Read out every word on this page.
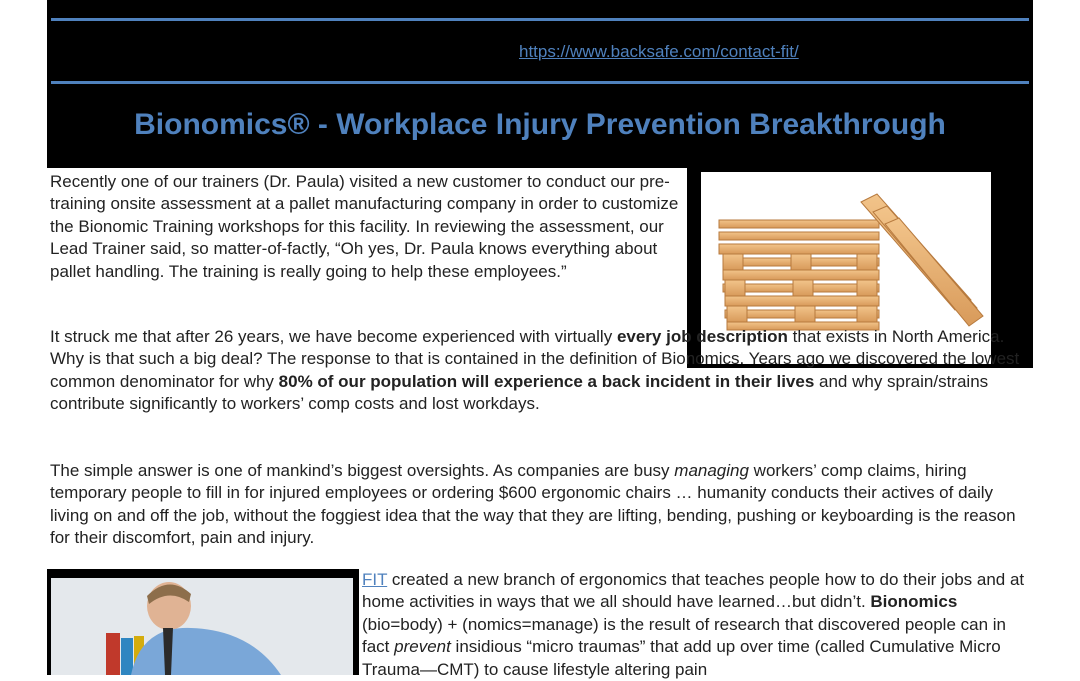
https://www.backsafe.com/contact-fit/
Bionomics® - Workplace Injury Prevention Breakthrough
Recently one of our trainers (Dr. Paula) visited a new customer to conduct our pre-training onsite assessment at a pallet manufacturing company in order to customize the Bionomic Training workshops for this facility. In reviewing the assessment, our Lead Trainer said, so matter-of-factly, “Oh yes, Dr. Paula knows everything about pallet handling. The training is really going to help these employees.”
It struck me that after 26 years, we have become experienced with virtually every job description that exists in North America. Why is that such a big deal? The response to that is contained in the definition of Bionomics. Years ago we discovered the lowest common denominator for why 80% of our population will experience a back incident in their lives and why sprain/strains contribute significantly to workers’ comp costs and lost workdays.
The simple answer is one of mankind’s biggest oversights. As companies are busy managing workers’ comp claims, hiring temporary people to fill in for injured employees or ordering $600 ergonomic chairs … humanity conducts their actives of daily living on and off the job, without the foggiest idea that the way that they are lifting, bending, pushing or keyboarding is the reason for their discomfort, pain and injury.
FIT created a new branch of ergonomics that teaches people how to do their jobs and at home activities in ways that we all should have learned…but didn’t. Bionomics (bio=body) + (nomics=manage) is the result of research that discovered people can in fact prevent insidious “micro traumas” that add up over time (called Cumulative Micro Trauma—CMT) to cause lifestyle altering pain
